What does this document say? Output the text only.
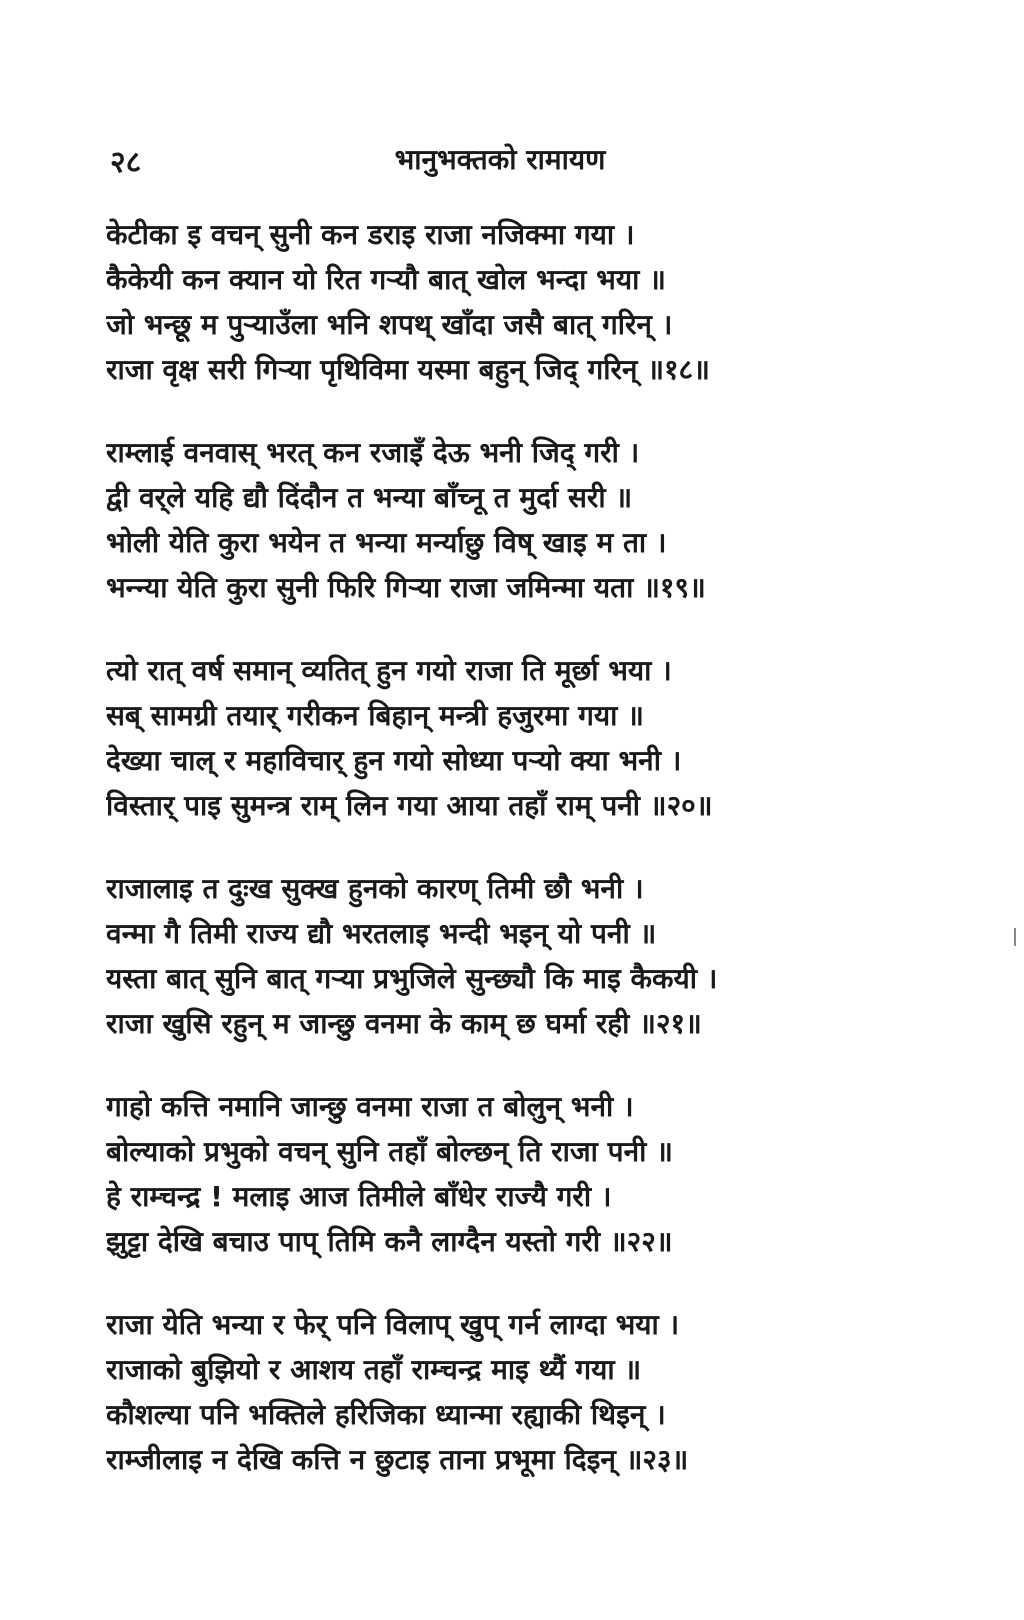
२८	भानुभक्तको रामायण
केटीका इ वचन् सुनी कन डराइ राजा नजिक्मा गया ।
कैकेयी कन क्यान यो रित गर्‍यौ बात् खोल भन्दा भया ॥
जो भन्छू म पुर्‍याउँला भनि शपथ् खाँदा जसै बात् गरिन् ।
राजा वृक्ष सरी गिर्‍या पृथिविमा यस्मा बहुन् जिद् गरिन् ॥१८॥
राम्लाई वनवास् भरत् कन रजाइँ देऊ भनी जिद् गरी ।
द्वी वर्‌ले यहि द्यौ दिंदौन त भन्या बाँच्नू त मुर्दा सरी ॥
भोली येति कुरा भयेन त भन्या मर्न्याछु विष् खाइ म ता ।
भन्न्या येति कुरा सुनी फिरि गिर्‍या राजा जमिन्मा यता ॥१९॥
त्यो रात् वर्ष समान् व्यतित् हुन गयो राजा ति मूर्छा भया ।
सब् सामग्री तयार् गरीकन बिहान् मन्त्री हजुरमा गया ॥
देख्या चाल् र महाविचार् हुन गयो सोध्या पर्‍यो क्या भनी ।
विस्तार् पाइ सुमन्त्र राम् लिन गया आया तहाँ राम् पनी ॥२०॥
राजालाइ त दुःख सुक्ख हुनको कारण् तिमी छौ भनी ।
वन्मा गै तिमी राज्य द्यौ भरतलाइ भन्दी भइन् यो पनी ॥
यस्ता बात् सुनि बात् गर्‍या प्रभुजिले सुन्छ्यौ कि माइ कैकयी ।
राजा खुसि रहुन् म जान्छु वनमा के काम् छ घर्मा रही ॥२१॥
गाहो कत्ति नमानि जान्छु वनमा राजा त बोलुन् भनी ।
बोल्याको प्रभुको वचन् सुनि तहाँ बोल्छन् ति राजा पनी ॥
हे राम्चन्द्र ! मलाइ आज तिमीले बाँधेर राज्यै गरी ।
झुट्टा देखि बचाउ पाप् तिमि कनै लाग्दैन यस्तो गरी ॥२२॥
राजा येति भन्या र फेर् पनि विलाप् खुप् गर्न लाग्दा भया ।
राजाको बुझियो र आशय तहाँ राम्चन्द्र माइ थ्यैं गया ॥
कौशल्या पनि भक्तिले हरिजिका ध्यान्मा रह्याकी थिइन् ।
राम्जीलाइ न देखि कत्ति न छुटाइ ताना प्रभूमा दिइन् ॥२३॥
